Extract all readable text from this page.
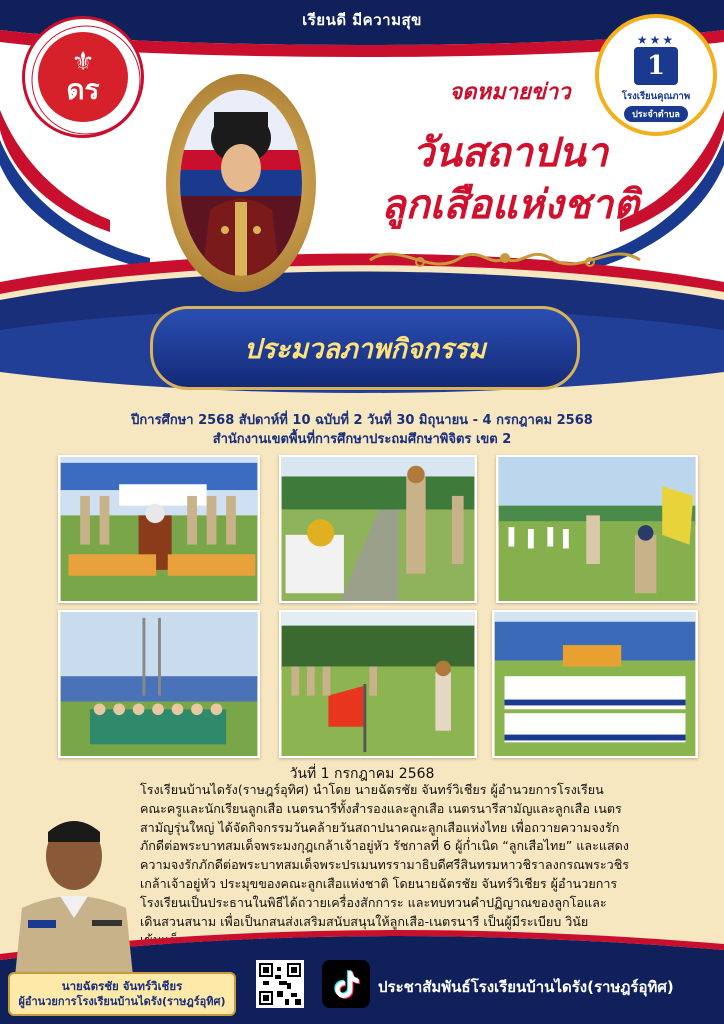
เรียนดี มีความสุข
⚜
ดร
★★★
1
โรงเรียนคุณภาพ
ประจำตำบล
จดหมายข่าว
วันสถาปนา
ลูกเสือแห่งชาติ
ประมวลภาพกิจกรรม
ปีการศึกษา 2568 สัปดาห์ที่ 10 ฉบับที่ 2 วันที่ 30 มิถุนายน - 4 กรกฎาคม 2568
สำนักงานเขตพื้นที่การศึกษาประถมศึกษาพิจิตร เขต 2
วันที่ 1 กรกฎาคม 2568
โรงเรียนบ้านไดรัง(ราษฎร์อุทิศ) นำโดย นายฉัตรชัย จันทร์วิเชียร ผู้อำนวยการโรงเรียน
คณะครูและนักเรียนลูกเสือ เนตรนารีทั้งสำรองและลูกเสือ เนตรนารีสามัญและลูกเสือ เนตร
สามัญรุ่นใหญ่ ได้จัดกิจกรรมวันคล้ายวันสถาปนาคณะลูกเสือแห่งไทย เพื่อถวายความจงรัก
ภักดีต่อพระบาทสมเด็จพระมงกุฎเกล้าเจ้าอยู่หัว รัชกาลที่ 6 ผู้ก่ำเนิด “ลูกเสือไทย” และแสดง
ความจงรักภักดีต่อพระบาทสมเด็จพระปรเมนทรรามาธิบดีศรีสินทรมหาวชิราลงกรณพระวชิร
เกล้าเจ้าอยู่หัว ประมุขของคณะลูกเสือแห่งชาติ โดยนายฉัตรชัย จันทร์วิเชียร ผู้อำนวยการ
โรงเรียนเป็นประธานในพิธีได้ถวายเครื่องสักการะ และทบทวนคำปฏิญาณของลูกโอและ
เดินสวนสนาม เพื่อเป็นกสนส่งเสริมสนับสนุนให้ลูกเสือ-เนตรนารี เป็นผู้มีระเบียบ วินัย

นายฉัตรชัย จันทร์วิเชียร
ผู้อำนวยการโรงเรียนบ้านไดรัง(ราษฎร์อุทิศ)
ประชาสัมพันธ์โรงเรียนบ้านไดรัง(ราษฎร์อุทิศ)
